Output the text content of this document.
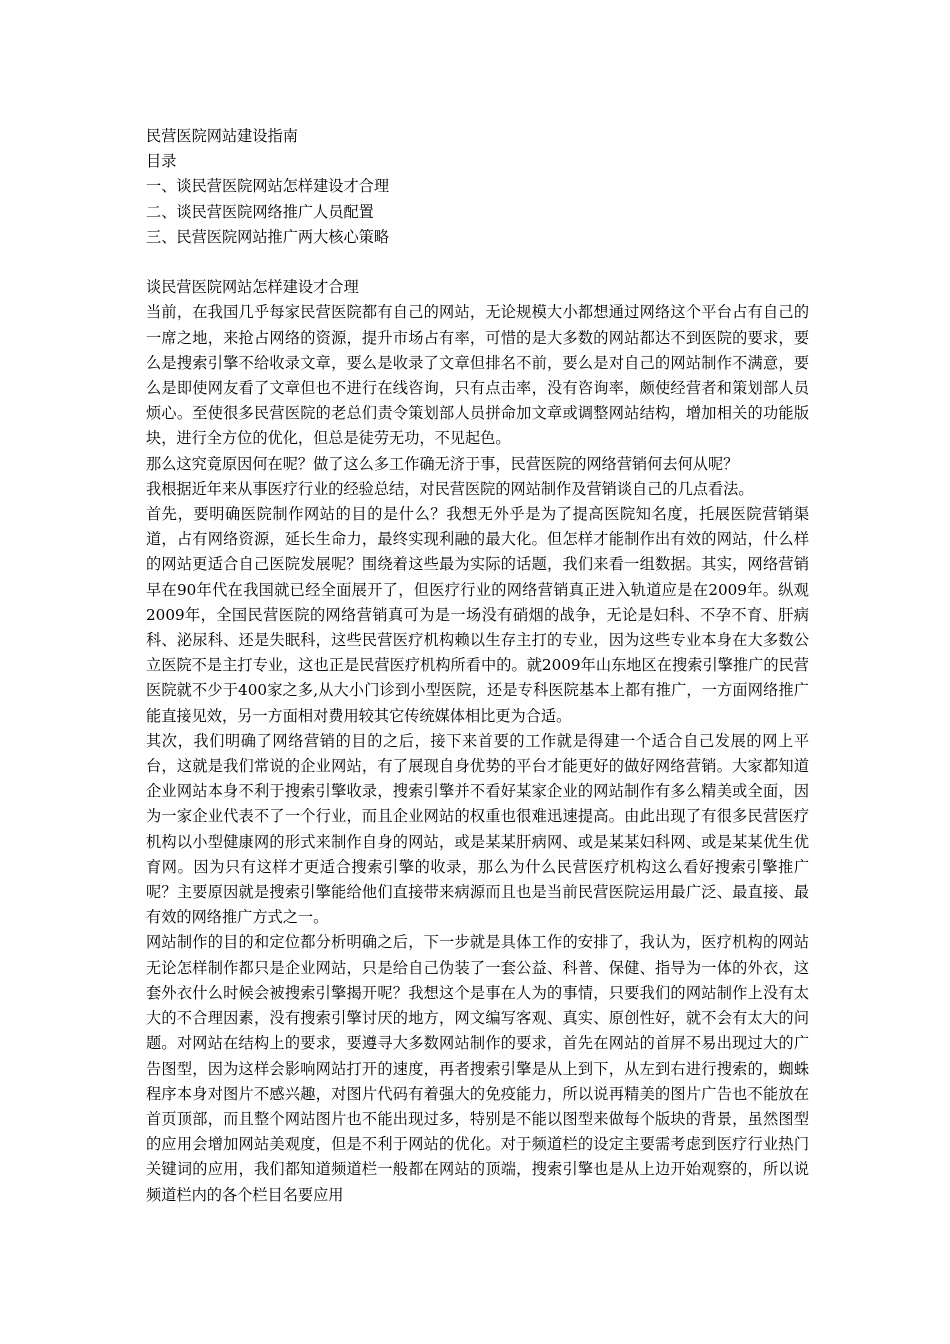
民营医院网站建设指南

目录

一、谈民营医院网站怎样建设才合理

二、谈民营医院网络推广人员配置

三、民营医院网站推广两大核心策略

谈民营医院网站怎样建设才合理

当前，在我国几乎每家民营医院都有自己的网站，无论规模大小都想通过网络这个平台占有自己的一席之地，来抢占网络的资源，提升市场占有率，可惜的是大多数的网站都达不到医院的要求，要么是搜索引擎不给收录文章，要么是收录了文章但排名不前，要么是对自己的网站制作不满意，要么是即使网友看了文章但也不进行在线咨询，只有点击率，没有咨询率，颇使经营者和策划部人员烦心。至使很多民营医院的老总们责令策划部人员拼命加文章或调整网站结构，增加相关的功能版块，进行全方位的优化，但总是徒劳无功，不见起色。

那么这究竟原因何在呢？做了这么多工作确无济于事，民营医院的网络营销何去何从呢？

我根据近年来从事医疗行业的经验总结，对民营医院的网站制作及营销谈自己的几点看法。

首先，要明确医院制作网站的目的是什么？我想无外乎是为了提高医院知名度，托展医院营销渠道，占有网络资源，延长生命力，最终实现利融的最大化。但怎样才能制作出有效的网站，什么样的网站更适合自己医院发展呢？围绕着这些最为实际的话题，我们来看一组数据。其实，网络营销早在90年代在我国就已经全面展开了，但医疗行业的网络营销真正进入轨道应是在2009年。纵观2009年，全国民营医院的网络营销真可为是一场没有硝烟的战争，无论是妇科、不孕不育、肝病科、泌尿科、还是失眠科，这些民营医疗机构赖以生存主打的专业，因为这些专业本身在大多数公立医院不是主打专业，这也正是民营医疗机构所看中的。就2009年山东地区在搜索引擎推广的民营医院就不少于400家之多,从大小门诊到小型医院，还是专科医院基本上都有推广，一方面网络推广能直接见效，另一方面相对费用较其它传统媒体相比更为合适。

其次，我们明确了网络营销的目的之后，接下来首要的工作就是得建一个适合自己发展的网上平台，这就是我们常说的企业网站，有了展现自身优势的平台才能更好的做好网络营销。大家都知道企业网站本身不利于搜索引擎收录，搜索引擎并不看好某家企业的网站制作有多么精美或全面，因为一家企业代表不了一个行业，而且企业网站的权重也很难迅速提高。由此出现了有很多民营医疗机构以小型健康网的形式来制作自身的网站，或是某某肝病网、或是某某妇科网、或是某某优生优育网。因为只有这样才更适合搜索引擎的收录，那么为什么民营医疗机构这么看好搜索引擎推广呢？主要原因就是搜索引擎能给他们直接带来病源而且也是当前民营医院运用最广泛、最直接、最有效的网络推广方式之一。

网站制作的目的和定位都分析明确之后，下一步就是具体工作的安排了，我认为，医疗机构的网站无论怎样制作都只是企业网站，只是给自己伪装了一套公益、科普、保健、指导为一体的外衣，这套外衣什么时候会被搜索引擎揭开呢？我想这个是事在人为的事情，只要我们的网站制作上没有太大的不合理因素，没有搜索引擎讨厌的地方，网文编写客观、真实、原创性好，就不会有太大的问题。对网站在结构上的要求，要遵寻大多数网站制作的要求，首先在网站的首屏不易出现过大的广告图型，因为这样会影响网站打开的速度，再者搜索引擎是从上到下，从左到右进行搜索的，蜘蛛程序本身对图片不感兴趣，对图片代码有着强大的免疫能力，所以说再精美的图片广告也不能放在首页顶部，而且整个网站图片也不能出现过多，特别是不能以图型来做每个版块的背景，虽然图型的应用会增加网站美观度，但是不利于网站的优化。对于频道栏的设定主要需考虑到医疗行业热门关键词的应用，我们都知道频道栏一般都在网站的顶端，搜索引擎也是从上边开始观察的，所以说频道栏内的各个栏目名要应用
